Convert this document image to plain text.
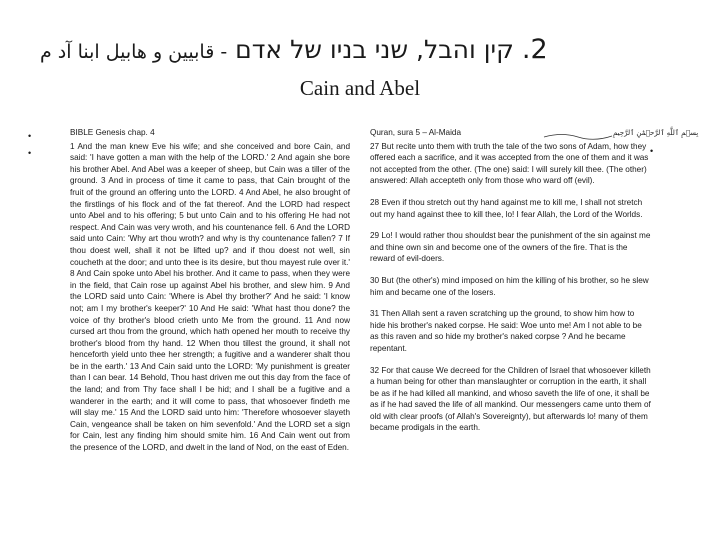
2.
קין והבל, שני בניו של אדם
- قابيين و هابيل ابنا آد م
Cain and Abel
•
•
BIBLE Genesis chap. 4
1 And the man knew Eve his wife; and she conceived and bore Cain, and said: 'I have gotten a man with the help of the LORD.' 2 And again she bore his brother Abel. And Abel was a keeper of sheep, but Cain was a tiller of the ground. 3 And in process of time it came to pass, that Cain brought of the fruit of the ground an offering unto the LORD. 4 And Abel, he also brought of the firstlings of his flock and of the fat thereof. And the LORD had respect unto Abel and to his offering; 5 but unto Cain and to his offering He had not respect. And Cain was very wroth, and his countenance fell. 6 And the LORD said unto Cain: 'Why art thou wroth? and why is thy countenance fallen? 7 If thou doest well, shall it not be lifted up? and if thou doest not well, sin coucheth at the door; and unto thee is its desire, but thou mayest rule over it.' 8 And Cain spoke unto Abel his brother. And it came to pass, when they were in the field, that Cain rose up against Abel his brother, and slew him. 9 And the LORD said unto Cain: 'Where is Abel thy brother?' And he said: 'I know not; am I my brother's keeper?' 10 And He said: 'What hast thou done? the voice of thy brother's blood crieth unto Me from the ground. 11 And now cursed art thou from the ground, which hath opened her mouth to receive thy brother's blood from thy hand. 12 When thou tillest the ground, it shall not henceforth yield unto thee her strength; a fugitive and a wanderer shalt thou be in the earth.' 13 And Cain said unto the LORD: 'My punishment is greater than I can bear. 14 Behold, Thou hast driven me out this day from the face of the land; and from Thy face shall I be hid; and I shall be a fugitive and a wanderer in the earth; and it will come to pass, that whosoever findeth me will slay me.' 15 And the LORD said unto him: 'Therefore whosoever slayeth Cain, vengeance shall be taken on him sevenfold.' And the LORD set a sign for Cain, lest any finding him should smite him. 16 And Cain went out from the presence of the LORD, and dwelt in the land of Nod, on the east of Eden.
بِسۡمِ ٱللَّهِ ٱلرَّحۡمَٰنِ ٱلرَّحِيمِ
•
Quran, sura 5 – Al-Maida

27 But recite unto them with truth the tale of the two sons of Adam, how they offered each a sacrifice, and it was accepted from the one of them and it was not accepted from the other. (The one) said: I will surely kill thee. (The other) answered: Allah accepteth only from those who ward off (evil).

28 Even if thou stretch out thy hand against me to kill me, I shall not stretch out my hand against thee to kill thee, lo! I fear Allah, the Lord of the Worlds.

29 Lo! I would rather thou shouldst bear the punishment of the sin against me and thine own sin and become one of the owners of the fire. That is the reward of evil-doers.

30 But (the other's) mind imposed on him the killing of his brother, so he slew him and became one of the losers.

31 Then Allah sent a raven scratching up the ground, to show him how to hide his brother's naked corpse. He said: Woe unto me! Am I not able to be as this raven and so hide my brother's naked corpse ? And he became repentant.

32 For that cause We decreed for the Children of Israel that whosoever killeth a human being for other than manslaughter or corruption in the earth, it shall be as if he had killed all mankind, and whoso saveth the life of one, it shall be as if he had saved the life of all mankind. Our messengers came unto them of old with clear proofs (of Allah's Sovereignty), but afterwards lo! many of them became prodigals in the earth.
